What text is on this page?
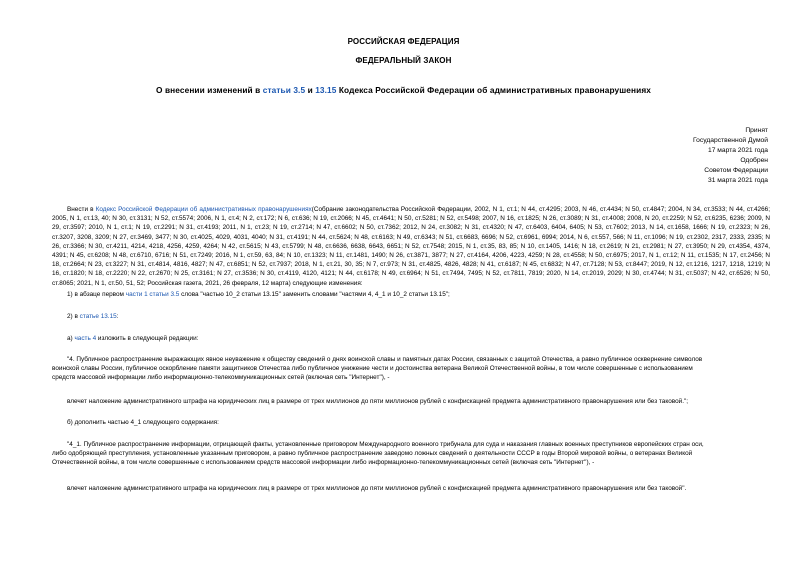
РОССИЙСКАЯ ФЕДЕРАЦИЯ
ФЕДЕРАЛЬНЫЙ ЗАКОН
О внесении изменений в статьи 3.5 и 13.15 Кодекса Российской Федерации об административных правонарушениях
Принят
Государственной Думой
17 марта 2021 года
Одобрен
Советом Федерации
31 марта 2021 года
Внести в Кодекс Российской Федерации об административных правонарушениях(Собрание законодательства Российской Федерации, 2002, N 1, ст.1; N 44, ст.4295; 2003, N 46, ст.4434; N 50, ст.4847; 2004, N 34, ст.3533; N 44, ст.4266; 2005, N 1, ст.13, 40; N 30, ст.3131; N 52, ст.5574; 2006, N 1, ст.4; N 2, ст.172; N 6, ст.636; N 19, ст.2066; N 45, ст.4641; N 50, ст.5281; N 52, ст.5498; 2007, N 16, ст.1825; N 26, ст.3089; N 31, ст.4008; 2008, N 20, ст.2259; N 52, ст.6235, 6236; 2009, N 29, ст.3597; 2010, N 1, ст.1; N 19, ст.2291; N 31, ст.4193; 2011, N 1, ст.23; N 19, ст.2714; N 47, ст.6602; N 50, ст.7362; 2012, N 24, ст.3082; N 31, ст.4320; N 47, ст.6403, 6404, 6405; N 53, ст.7602; 2013, N 14, ст.1658, 1666; N 19, ст.2323; N 26, ст.3207, 3208, 3209; N 27, ст.3469, 3477; N 30, ст.4025, 4029, 4031, 4040; N 31, ст.4191; N 44, ст.5624; N 48, ст.6163; N 49, ст.6343; N 51, ст.6683, 6696; N 52, ст.6961, 6994; 2014, N 6, ст.557, 566; N 11, ст.1096; N 19, ст.2302, 2317, 2333, 2335; N 26, ст.3366; N 30, ст.4211, 4214, 4218, 4256, 4259, 4264; N 42, ст.5615; N 43, ст.5799; N 48, ст.6636, 6638, 6643, 6651; N 52, ст.7548; 2015, N 1, ст.35, 83, 85; N 10, ст.1405, 1416; N 18, ст.2619; N 21, ст.2981; N 27, ст.3950; N 29, ст.4354, 4374, 4391; N 45, ст.6208; N 48, ст.6710, 6716; N 51, ст.7249; 2016, N 1, ст.59, 63, 84; N 10, ст.1323; N 11, ст.1481, 1490; N 26, ст.3871, 3877; N 27, ст.4164, 4206, 4223, 4259; N 28, ст.4558; N 50, ст.6975; 2017, N 1, ст.12; N 11, ст.1535; N 17, ст.2456; N 18, ст.2664; N 23, ст.3227; N 31, ст.4814, 4816, 4827; N 47, ст.6851; N 52, ст.7937; 2018, N 1, ст.21, 30, 35; N 7, ст.973; N 31, ст.4825, 4826, 4828; N 41, ст.6187; N 45, ст.6832; N 47, ст.7128; N 53, ст.8447; 2019, N 12, ст.1216, 1217, 1218, 1219; N 16, ст.1820; N 18, ст.2220; N 22, ст.2670; N 25, ст.3161; N 27, ст.3536; N 30, ст.4119, 4120, 4121; N 44, ст.6178; N 49, ст.6964; N 51, ст.7494, 7495; N 52, ст.7811, 7819; 2020, N 14, ст.2019, 2029; N 30, ст.4744; N 31, ст.5037; N 42, ст.6526; N 50, ст.8065; 2021, N 1, ст.50, 51, 52; Российская газета, 2021, 26 февраля, 12 марта) следующие изменения:
1) в абзаце первом части 1 статьи 3.5 слова "частью 10_2 статьи 13.15" заменить словами "частями 4, 4_1 и 10_2 статьи 13.15";
2) в статье 13.15:
а) часть 4 изложить в следующей редакции:
"4. Публичное распространение выражающих явное неуважение к обществу сведений о днях воинской славы и памятных датах России, связанных с защитой Отечества, а равно публичное осквернение символов
воинской славы России, публичное оскорбление памяти защитников Отечества либо публичное унижение чести и достоинства ветерана Великой Отечественной войны, в том числе совершенные с использованием
средств массовой информации либо информационно-телекоммуникационных сетей (включая сеть "Интернет"), -
влечет наложение административного штрафа на юридических лиц в размере от трех миллионов до пяти миллионов рублей с конфискацией предмета административного правонарушения или без таковой.";
б) дополнить частью 4_1 следующего содержания:
"4_1. Публичное распространение информации, отрицающей факты, установленные приговором Международного военного трибунала для суда и наказания главных военных преступников европейских стран оси,
либо одобряющей преступления, установленные указанным приговором, а равно публичное распространение заведомо ложных сведений о деятельности СССР в годы Второй мировой войны, о ветеранах Великой
Отечественной войны, в том числе совершенные с использованием средств массовой информации либо информационно-телекоммуникационных сетей (включая сеть "Интернет"), -
влечет наложение административного штрафа на юридических лиц в размере от трех миллионов до пяти миллионов рублей с конфискацией предмета административного правонарушения или без таковой".
